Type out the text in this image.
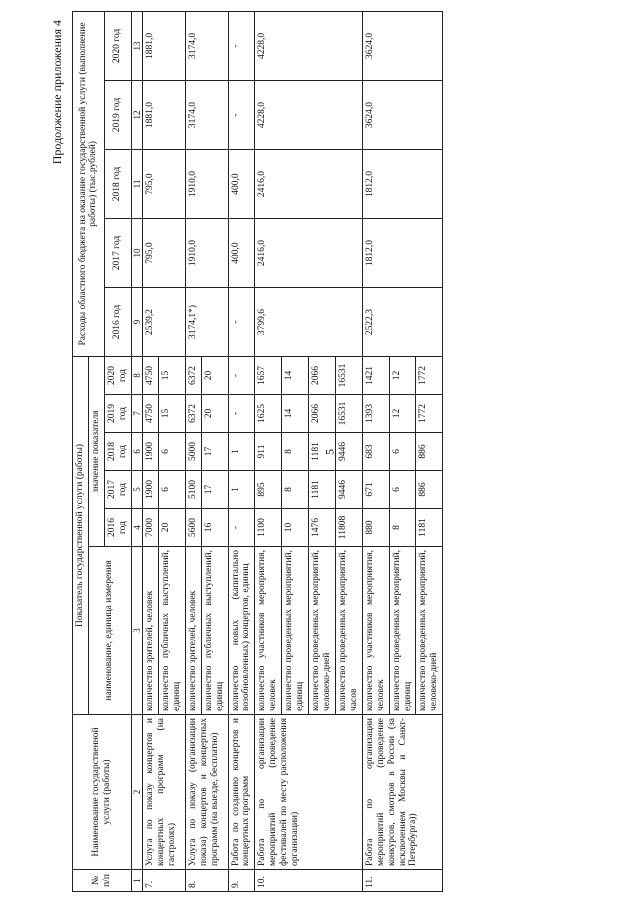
5
Продолжение приложения 4
№ п/п	Наименование государственной услуги (работы)	Показатель государственной услуги (работы)						Расходы областного бюджета на оказание государственной услуги (выполнение работы) (тыс.рублей)				
		наименование, единица измерения	значение показателя									
			2016 год	2017 год	2018 год	2019 год	2020 год	2016 год	2017 год	2018 год	2019 год	2020 год
1	2	3	4	5	6	7	8	9	10	11	12	13
7.	Услуга по показу концертов и концертных программ (на гастролях)	количество зрителей, человек	7000	1900	1900	4750	4750	2539,2	795,0	795,0	1881,0	1881,0
		количество публичных выступлений, единиц	20	6	6	15	15					
8.	Услуга по показу (организации показа) концертов и концертных программ (на выезде, бесплатно)	количество зрителей, человек	5600	5100	5000	6372	6372	3174,1*)	1910,0	1910,0	3174,0	3174,0
		количество публичных выступлений, единиц	16	17	17	20	20					
9.	Работа по созданию концертов и концертных программ	количество новых (капитально возобновленных) концертов, единиц	-	1	1	-	-	-	400,0	400,0	-	-
10.	Работа по организации мероприятий (проведение фестивалей по месту расположения организации)	количество участников мероприятия, человек	1100	895	911	1625	1657	3799,6	2416,0	2416,0	4228,0	4228,0
		количество проведенных мероприятий, единиц	10	8	8	14	14					
		количество проведенных мероприятий, человеко-дней	1476	1181	1181	2066	2066					
		количество проведенных мероприятий, часов	11808	9446	9446	16531	16531					
11.	Работа по организации мероприятий (проведение конкурсов, смотров в России (за исключением Москвы и Санкт-Петербурга))	количество участников мероприятия, человек	880	671	683	1393	1421	2522,3	1812,0	1812,0	3624,0	3624,0
		количество проведенных мероприятий, единиц	8	6	6	12	12					
		количество проведенных мероприятий, человеко-дней	1181	886	886	1772	1772					
